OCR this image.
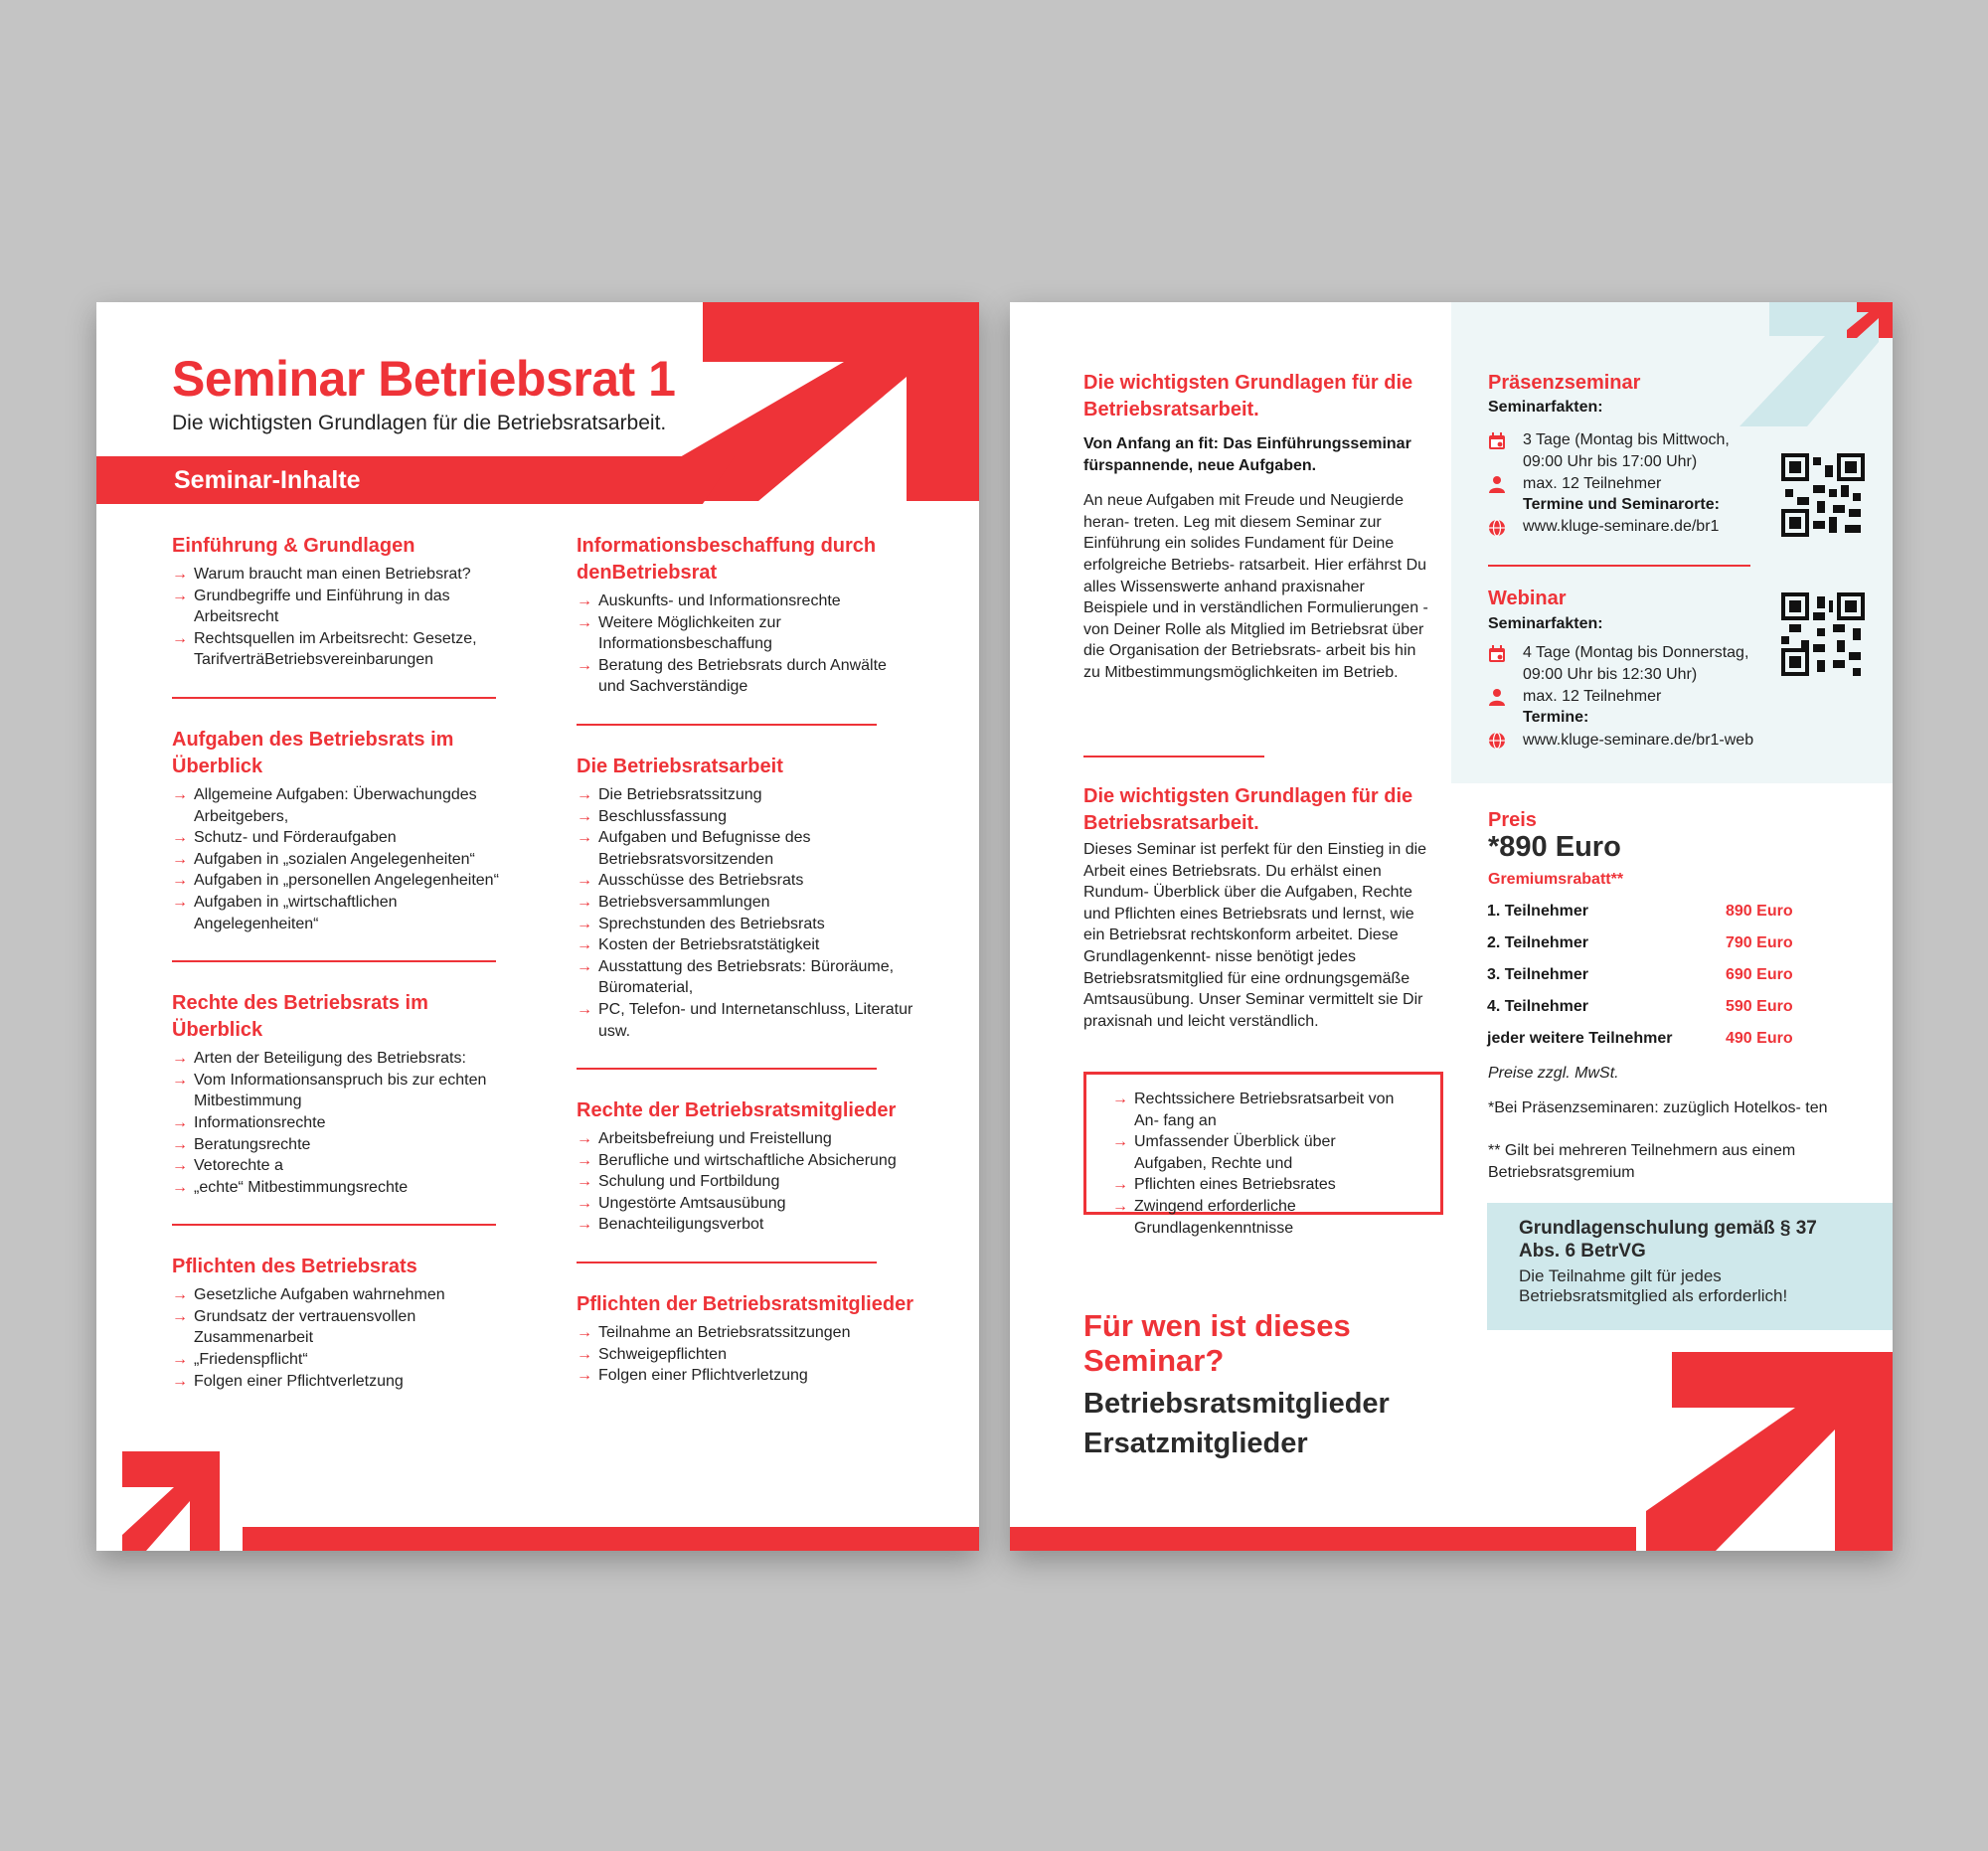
Seminar Betriebsrat 1

Die wichtigsten Grundlagen für die Betriebsratsarbeit.

Seminar-Inhalte

Einführung & Grundlagen
→ Warum braucht man einen Betriebsrat?
→ Grundbegriffe und Einführung in das Arbeitsrecht
→ Rechtsquellen im Arbeitsrecht: Gesetze, TarifverträBetriebsvereinbarungen
Aufgaben des Betriebsrats im Überblick
→ Allgemeine Aufgaben: Überwachungdes Arbeitgebers,
→ Schutz- und Förderaufgaben
→ Aufgaben in „sozialen Angelegenheiten“
→ Aufgaben in „personellen Angelegenheiten“
→ Aufgaben in „wirtschaftlichen Angelegenheiten“
Rechte des Betriebsrats im Überblick
→ Arten der Beteiligung des Betriebsrats:
→ Vom Informationsanspruch bis zur echten Mitbestimmung
→ Informationsrechte
→ Beratungsrechte
→ Vetorechte a
→ „echte“ Mitbestimmungsrechte
Pflichten des Betriebsrats
→ Gesetzliche Aufgaben wahrnehmen
→ Grundsatz der vertrauensvollen Zusammenarbeit
→ „Friedenspflicht“
→ Folgen einer Pflichtverletzung
Informationsbeschaffung durch denBetriebsrat
→ Auskunfts- und Informationsrechte
→ Weitere Möglichkeiten zur Informationsbeschaffung
→ Beratung des Betriebsrats durch Anwälte und Sachverständige
Die Betriebsratsarbeit
→ Die Betriebsratssitzung
→ Beschlussfassung
→ Aufgaben und Befugnisse des Betriebsratsvorsitzenden
→ Ausschüsse des Betriebsrats
→ Betriebsversammlungen
→ Sprechstunden des Betriebsrats
→ Kosten der Betriebsratstätigkeit
→ Ausstattung des Betriebsrats: Büroräume, Büromaterial,
→ PC, Telefon- und Internetanschluss, Literatur usw.
Rechte der Betriebsratsmitglieder
→ Arbeitsbefreiung und Freistellung
→ Berufliche und wirtschaftliche Absicherung
→ Schulung und Fortbildung
→ Ungestörte Amtsausübung
→ Benachteiligungsverbot
Pflichten der Betriebsratsmitglieder
→ Teilnahme an Betriebsratssitzungen
→ Schweigepflichten
→ Folgen einer Pflichtverletzung
Die wichtigsten Grundlagen für die Betriebsratsarbeit.

Von Anfang an fit: Das Einführungsseminar fürspannende, neue Aufgaben.

An neue Aufgaben mit Freude und Neugierde heran- treten. Leg mit diesem Seminar zur Einführung ein solides Fundament für Deine erfolgreiche Betriebs- ratsarbeit. Hier erfährst Du alles Wissenswerte anhand praxisnaher Beispiele und in verständlichen Formulierungen - von Deiner Rolle als Mitglied im Betriebsrat über die Organisation der Betriebsrats- arbeit bis hin zu Mitbestimmungsmöglichkeiten im Betrieb.

Die wichtigsten Grundlagen für die Betriebsratsarbeit.

Dieses Seminar ist perfekt für den Einstieg in die Arbeit eines Betriebsrats. Du erhälst einen Rundum- Überblick über die Aufgaben, Rechte und Pflichten eines Betriebsrats und lernst, wie ein Betriebsrat rechtskonform arbeitet. Diese Grundlagenkennt- nisse benötigt jedes Betriebsratsmitglied für eine ordnungsgemäße Amtsausübung. Unser Seminar vermittelt sie Dir praxisnah und leicht verständlich.

→ Rechtssichere Betriebsratsarbeit von An- fang an
→ Umfassender Überblick über Aufgaben, Rechte und
→ Pflichten eines Betriebsrates
→ Zwingend erforderliche Grundlagenkenntnisse
Für wen ist dieses Seminar?

Betriebsratsmitglieder

Ersatzmitglieder

Präsenzseminar

Seminarfakten:

3 Tage (Montag bis Mittwoch, 09:00 Uhr bis 17:00 Uhr)

max. 12 Teilnehmer

Termine und Seminarorte:

www.kluge-seminare.de/br1

Webinar

Seminarfakten:

4 Tage (Montag bis Donnerstag, 09:00 Uhr bis 12:30 Uhr)

max. 12 Teilnehmer

Termine:

www.kluge-seminare.de/br1-web

Preis

*890 Euro

Gremiumsrabatt**

1. Teilnehmer	890 Euro
2. Teilnehmer	790 Euro
3. Teilnehmer	690 Euro
4. Teilnehmer	590 Euro
jeder weitere Teilnehmer	490 Euro

Preise zzgl. MwSt.

*Bei Präsenzseminaren: zuzüglich Hotelkos- ten

** Gilt bei mehreren Teilnehmern aus einem Betriebsratsgremium

Grundlagenschulung gemäß § 37 Abs. 6 BetrVG

Die Teilnahme gilt für jedes Betriebsratsmitglied als erforderlich!
